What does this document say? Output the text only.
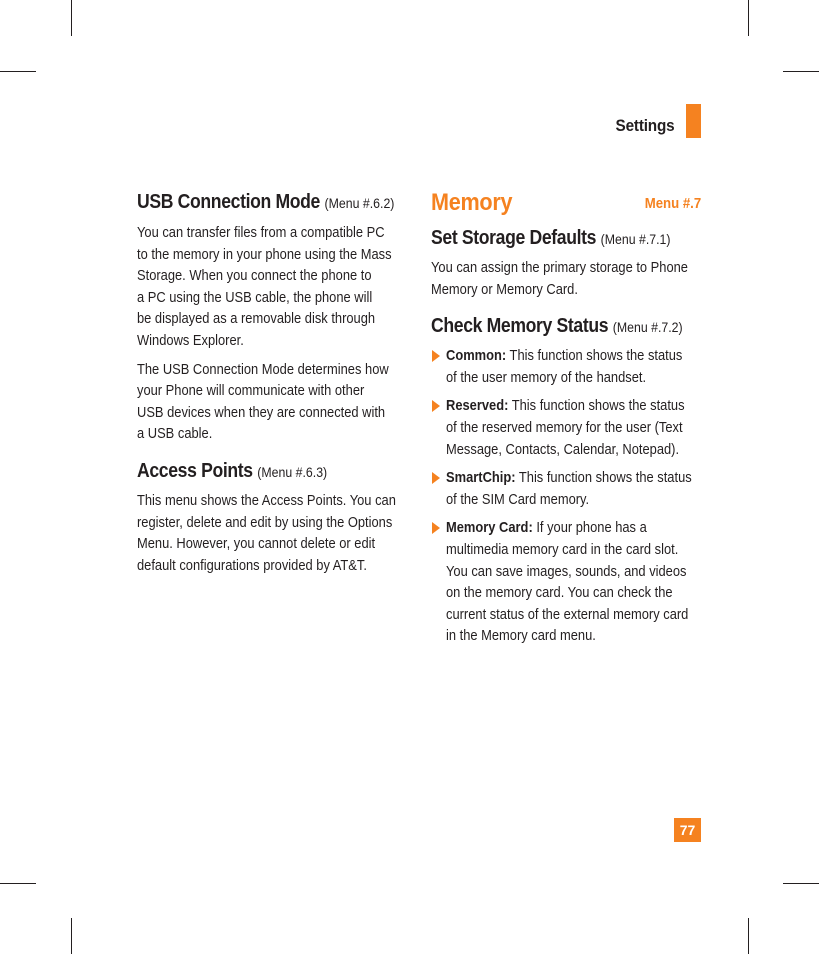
Settings
USB Connection Mode (Menu #.6.2)

You can transfer files from a compatible PC
to the memory in your phone using the Mass
Storage. When you connect the phone to
a PC using the USB cable, the phone will
be displayed as a removable disk through
Windows Explorer.

The USB Connection Mode determines how
your Phone will communicate with other
USB devices when they are connected with
a USB cable.

Access Points (Menu #.6.3)

This menu shows the Access Points. You can
register, delete and edit by using the Options
Menu. However, you cannot delete or edit
default configurations provided by AT&T.

Memory	Menu #.7
Set Storage Defaults (Menu #.7.1)

You can assign the primary storage to Phone
Memory or Memory Card.

Check Memory Status (Menu #.7.2)

Common: This function shows the status
of the user memory of the handset.

Reserved: This function shows the status
of the reserved memory for the user (Text
Message, Contacts, Calendar, Notepad).

SmartChip: This function shows the status
of the SIM Card memory.

Memory Card: If your phone has a
multimedia memory card in the card slot.
You can save images, sounds, and videos
on the memory card. You can check the
current status of the external memory card
in the Memory card menu.

77
